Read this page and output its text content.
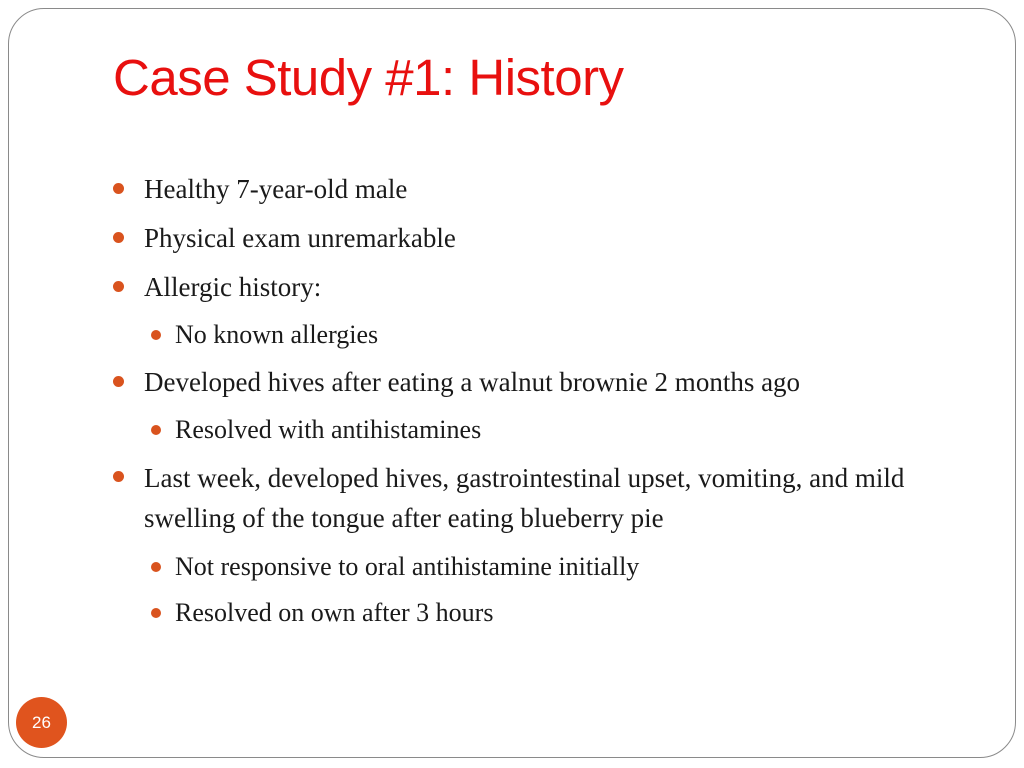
Case Study #1: History
Healthy 7-year-old male
Physical exam unremarkable
Allergic history:
No known allergies
Developed hives after eating a walnut brownie 2 months ago
Resolved with antihistamines
Last week, developed hives, gastrointestinal upset, vomiting, and mild swelling of the tongue after eating blueberry pie
Not responsive to oral antihistamine initially
Resolved on own after 3 hours
26
